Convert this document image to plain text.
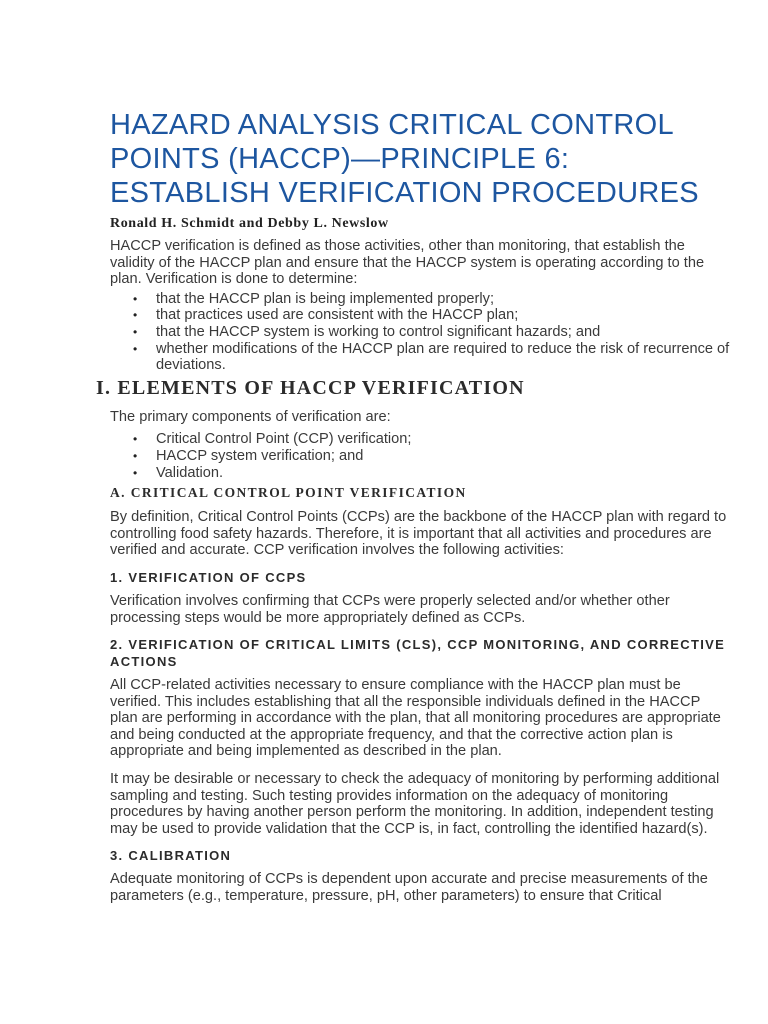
HAZARD ANALYSIS CRITICAL CONTROL POINTS (HACCP)—PRINCIPLE 6: ESTABLISH VERIFICATION PROCEDURES
Ronald H. Schmidt and Debby L. Newslow

HACCP verification is defined as those activities, other than monitoring, that establish the validity of the HACCP plan and ensure that the HACCP system is operating according to the plan. Verification is done to determine:

• that the HACCP plan is being implemented properly;
• that practices used are consistent with the HACCP plan;
• that the HACCP system is working to control significant hazards; and
• whether modifications of the HACCP plan are required to reduce the risk of recurrence of deviations.
I. ELEMENTS OF HACCP VERIFICATION

The primary components of verification are:

• Critical Control Point (CCP) verification;
• HACCP system verification; and
• Validation.
A. CRITICAL CONTROL POINT VERIFICATION

By definition, Critical Control Points (CCPs) are the backbone of the HACCP plan with regard to controlling food safety hazards. Therefore, it is important that all activities and procedures are verified and accurate. CCP verification involves the following activities:

1. VERIFICATION OF CCPS

Verification involves confirming that CCPs were properly selected and/or whether other processing steps would be more appropriately defined as CCPs.

2. VERIFICATION OF CRITICAL LIMITS (CLS), CCP MONITORING, AND CORRECTIVE ACTIONS

All CCP-related activities necessary to ensure compliance with the HACCP plan must be verified. This includes establishing that all the responsible individuals defined in the HACCP plan are performing in accordance with the plan, that all monitoring procedures are appropriate and being conducted at the appropriate frequency, and that the corrective action plan is appropriate and being implemented as described in the plan.

It may be desirable or necessary to check the adequacy of monitoring by performing additional sampling and testing. Such testing provides information on the adequacy of monitoring procedures by having another person perform the monitoring. In addition, independent testing may be used to provide validation that the CCP is, in fact, controlling the identified hazard(s).

3. CALIBRATION

Adequate monitoring of CCPs is dependent upon accurate and precise measurements of the parameters (e.g., temperature, pressure, pH, other parameters) to ensure that Critical
